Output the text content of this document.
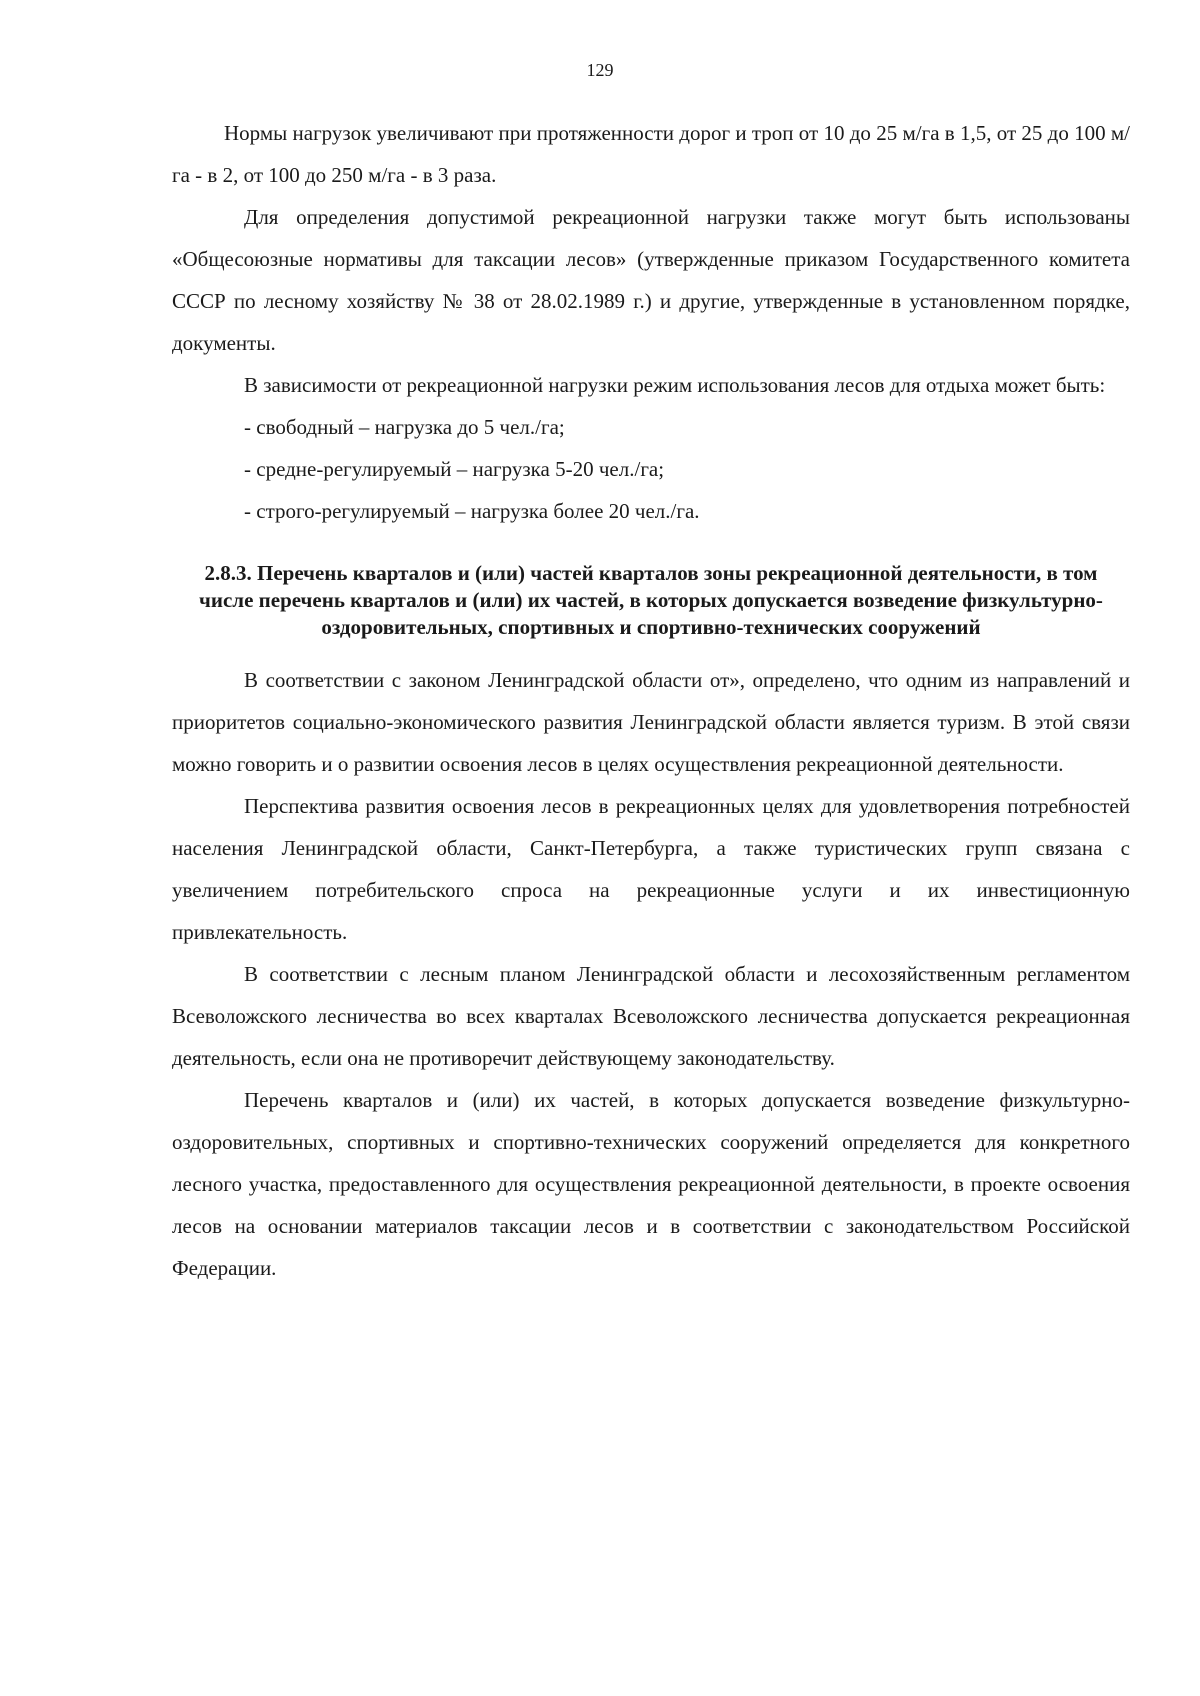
129

Нормы нагрузок увеличивают при протяженности дорог и троп от 10 до 25 м/га в 1,5, от 25 до 100 м/га - в 2, от 100 до 250 м/га - в 3 раза.

Для определения допустимой рекреационной нагрузки также могут быть использованы «Общесоюзные нормативы для таксации лесов» (утвержденные приказом Государственного комитета СССР по лесному хозяйству № 38 от 28.02.1989 г.) и другие, утвержденные в установленном порядке, документы.

В зависимости от рекреационной нагрузки режим использования лесов для отдыха может быть:

- свободный – нагрузка до 5 чел./га;
- средне-регулируемый – нагрузка 5-20 чел./га;
- строго-регулируемый – нагрузка более 20 чел./га.
2.8.3. Перечень кварталов и (или) частей кварталов зоны рекреационной деятельности, в том числе перечень кварталов и (или) их частей, в которых допускается возведение физкультурно-оздоровительных, спортивных и спортивно-технических сооружений

В соответствии с законом Ленинградской области от», определено, что одним из направлений и приоритетов социально-экономического развития Ленинградской области является туризм. В этой связи можно говорить и о развитии освоения лесов в целях осуществления рекреационной деятельности.

Перспектива развития освоения лесов в рекреационных целях для удовлетворения потребностей населения Ленинградской области, Санкт-Петербурга, а также туристических групп связана с увеличением потребительского спроса на рекреационные услуги и их инвестиционную привлекательность.

В соответствии с лесным планом Ленинградской области и лесохозяйственным регламентом Всеволожского лесничества во всех кварталах Всеволожского лесничества допускается рекреационная деятельность, если она не противоречит действующему законодательству.

Перечень кварталов и (или) их частей, в которых допускается возведение физкультурно-оздоровительных, спортивных и спортивно-технических сооружений определяется для конкретного лесного участка, предоставленного для осуществления рекреационной деятельности, в проекте освоения лесов на основании материалов таксации лесов и в соответствии с законодательством Российской Федерации.
